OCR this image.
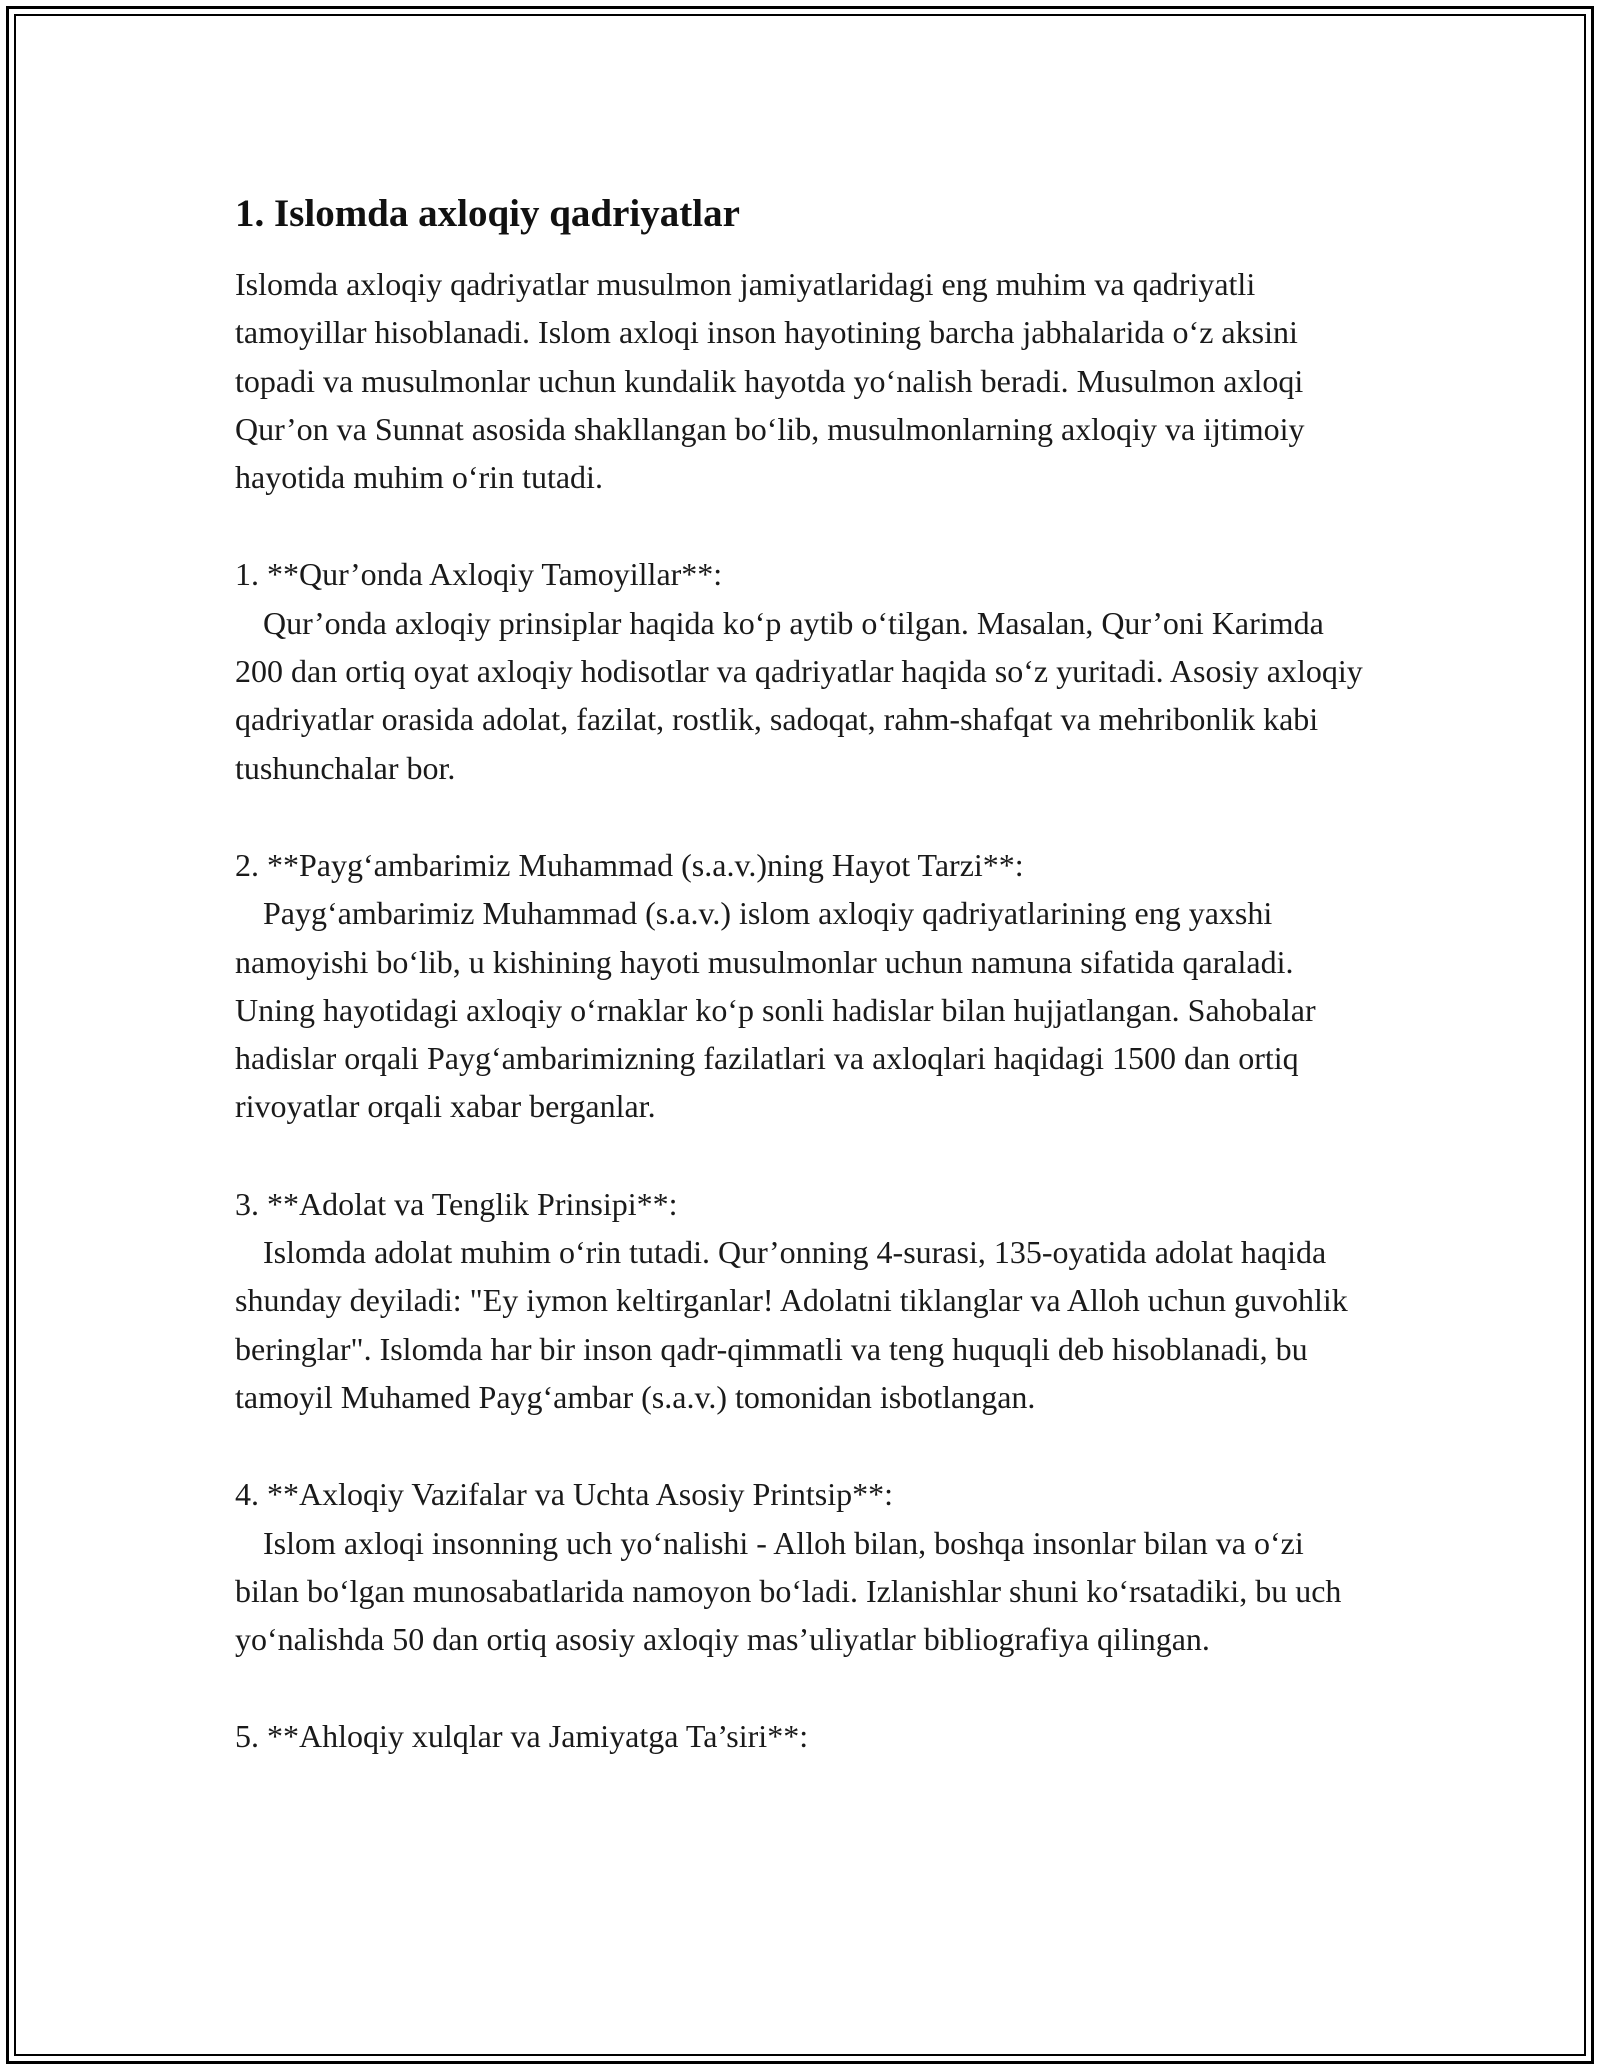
1. Islomda axloqiy qadriyatlar

Islomda axloqiy qadriyatlar musulmon jamiyatlaridagi eng muhim va qadriyatli tamoyillar hisoblanadi. Islom axloqi inson hayotining barcha jabhalarida o‘z aksini topadi va musulmonlar uchun kundalik hayotda yo‘nalish beradi. Musulmon axloqi Qur’on va Sunnat asosida shakllangan bo‘lib, musulmonlarning axloqiy va ijtimoiy hayotida muhim o‘rin tutadi.

1. **Qur’onda Axloqiy Tamoyillar**:

Qur’onda axloqiy prinsiplar haqida ko‘p aytib o‘tilgan. Masalan, Qur’oni Karimda 200 dan ortiq oyat axloqiy hodisotlar va qadriyatlar haqida so‘z yuritadi. Asosiy axloqiy qadriyatlar orasida adolat, fazilat, rostlik, sadoqat, rahm-shafqat va mehribonlik kabi tushunchalar bor.

2. **Payg‘ambarimiz Muhammad (s.a.v.)ning Hayot Tarzi**:

Payg‘ambarimiz Muhammad (s.a.v.) islom axloqiy qadriyatlarining eng yaxshi namoyishi bo‘lib, u kishining hayoti musulmonlar uchun namuna sifatida qaraladi. Uning hayotidagi axloqiy o‘rnaklar ko‘p sonli hadislar bilan hujjatlangan. Sahobalar hadislar orqali Payg‘ambarimizning fazilatlari va axloqlari haqidagi 1500 dan ortiq rivoyatlar orqali xabar berganlar.

3. **Adolat va Tenglik Prinsipi**:

Islomda adolat muhim o‘rin tutadi. Qur’onning 4-surasi, 135-oyatida adolat haqida shunday deyiladi: "Ey iymon keltirganlar! Adolatni tiklanglar va Alloh uchun guvohlik beringlar". Islomda har bir inson qadr-qimmatli va teng huquqli deb hisoblanadi, bu tamoyil Muhamed Payg‘ambar (s.a.v.) tomonidan isbotlangan.

4. **Axloqiy Vazifalar va Uchta Asosiy Printsip**:

Islom axloqi insonning uch yo‘nalishi - Alloh bilan, boshqa insonlar bilan va o‘zi bilan bo‘lgan munosabatlarida namoyon bo‘ladi. Izlanishlar shuni ko‘rsatadiki, bu uch yo‘nalishda 50 dan ortiq asosiy axloqiy mas’uliyatlar bibliografiya qilingan.

5. **Ahloqiy xulqlar va Jamiyatga Ta’siri**:
